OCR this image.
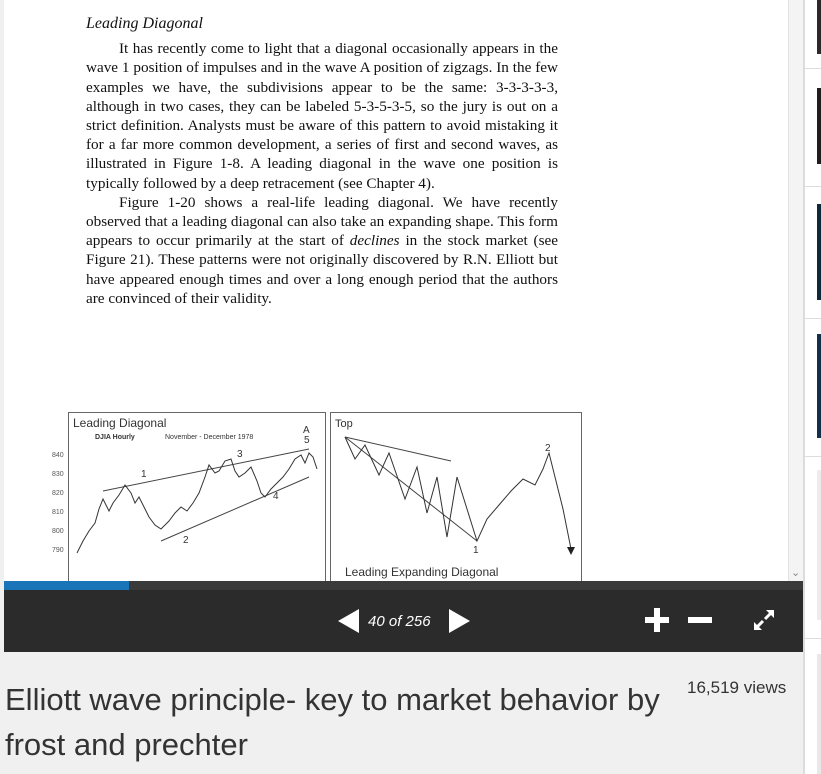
Leading Diagonal

It has recently come to light that a diagonal occasionally appears in the wave 1 position of impulses and in the wave A position of zigzags. In the few examples we have, the subdivisions appear to be the same: 3-3-3-3-3, although in two cases, they can be labeled 5-3-5-3-5, so the jury is out on a strict definition. Analysts must be aware of this pattern to avoid mistaking it for a far more common development, a series of first and second waves, as illustrated in Figure 1-8. A leading diagonal in the wave one position is typically followed by a deep retracement (see Chapter 4).

Figure 1-20 shows a real-life leading diagonal. We have recently observed that a leading diagonal can also take an expanding shape. This form appears to occur primarily at the start of declines in the stock market (see Figure 21). These patterns were not originally discovered by R.N. Elliott but have appeared enough times and over a long enough period that the authors are convinced of their validity.

Leading Diagonal
DJIA Hourly	November - December 1978
1
2
3
4
A
5
840
830
820
810
800
790
Top
2
1
Leading Expanding Diagonal	⌄
40 of 256
Elliott wave principle- key to market behavior by frost and prechter
16,519 views
